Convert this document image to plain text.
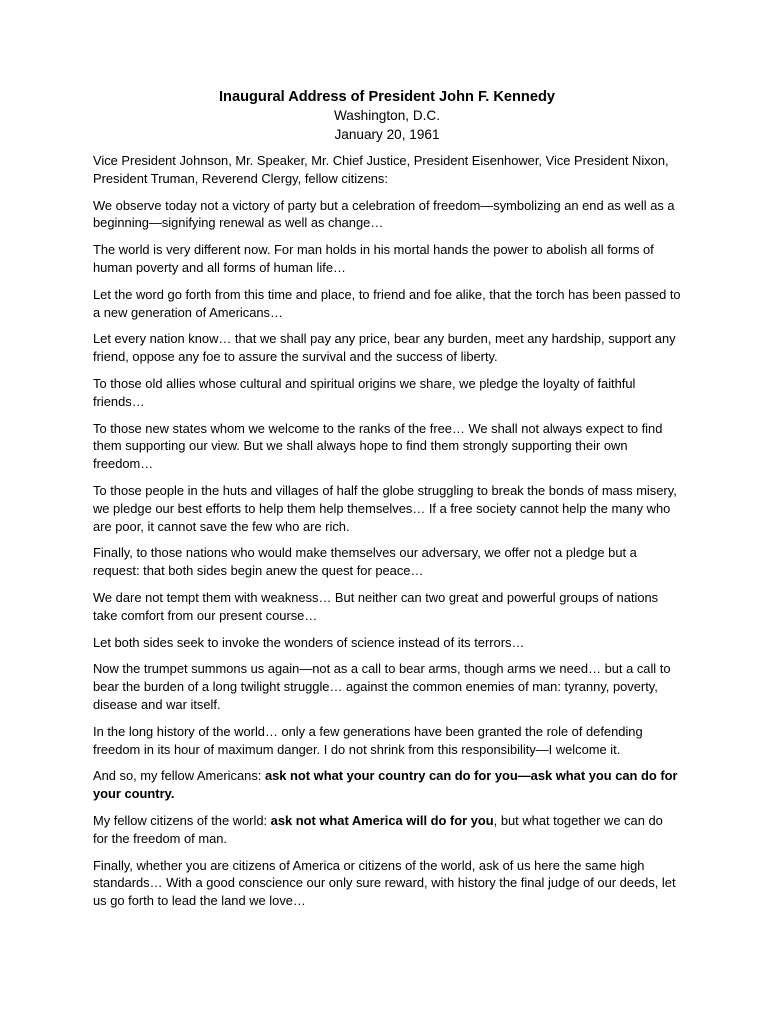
Inaugural Address of President John F. Kennedy
Washington, D.C.
January 20, 1961

Vice President Johnson, Mr. Speaker, Mr. Chief Justice, President Eisenhower, Vice President Nixon, President Truman, Reverend Clergy, fellow citizens:

We observe today not a victory of party but a celebration of freedom—symbolizing an end as well as a beginning—signifying renewal as well as change…

The world is very different now. For man holds in his mortal hands the power to abolish all forms of human poverty and all forms of human life…

Let the word go forth from this time and place, to friend and foe alike, that the torch has been passed to a new generation of Americans…

Let every nation know… that we shall pay any price, bear any burden, meet any hardship, support any friend, oppose any foe to assure the survival and the success of liberty.

To those old allies whose cultural and spiritual origins we share, we pledge the loyalty of faithful friends…

To those new states whom we welcome to the ranks of the free… We shall not always expect to find them supporting our view. But we shall always hope to find them strongly supporting their own freedom…

To those people in the huts and villages of half the globe struggling to break the bonds of mass misery, we pledge our best efforts to help them help themselves… If a free society cannot help the many who are poor, it cannot save the few who are rich.

Finally, to those nations who would make themselves our adversary, we offer not a pledge but a request: that both sides begin anew the quest for peace…

We dare not tempt them with weakness… But neither can two great and powerful groups of nations take comfort from our present course…

Let both sides seek to invoke the wonders of science instead of its terrors…

Now the trumpet summons us again—not as a call to bear arms, though arms we need… but a call to bear the burden of a long twilight struggle… against the common enemies of man: tyranny, poverty, disease and war itself.

In the long history of the world… only a few generations have been granted the role of defending freedom in its hour of maximum danger. I do not shrink from this responsibility—I welcome it.

And so, my fellow Americans: ask not what your country can do for you—ask what you can do for your country.

My fellow citizens of the world: ask not what America will do for you, but what together we can do for the freedom of man.

Finally, whether you are citizens of America or citizens of the world, ask of us here the same high standards… With a good conscience our only sure reward, with history the final judge of our deeds, let us go forth to lead the land we love…
